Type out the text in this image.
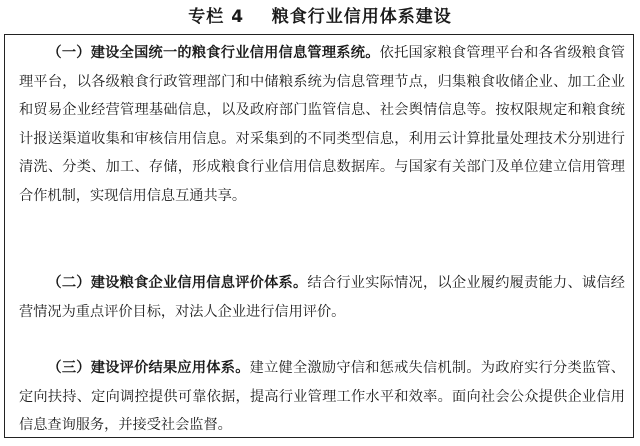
专栏 4    粮食行业信用体系建设

（一）建设全国统一的粮食行业信用信息管理系统。依托国家粮食管理平台和各省级粮食管理平台，以各级粮食行政管理部门和中储粮系统为信息管理节点，归集粮食收储企业、加工企业和贸易企业经营管理基础信息，以及政府部门监管信息、社会舆情信息等。按权限规定和粮食统计报送渠道收集和审核信用信息。对采集到的不同类型信息，利用云计算批量处理技术分别进行清洗、分类、加工、存储，形成粮食行业信用信息数据库。与国家有关部门及单位建立信用管理合作机制，实现信用信息互通共享。

（二）建设粮食企业信用信息评价体系。结合行业实际情况，以企业履约履责能力、诚信经营情况为重点评价目标，对法人企业进行信用评价。

（三）建设评价结果应用体系。建立健全激励守信和惩戒失信机制。为政府实行分类监管、定向扶持、定向调控提供可靠依据，提高行业管理工作水平和效率。面向社会公众提供企业信用信息查询服务，并接受社会监督。
